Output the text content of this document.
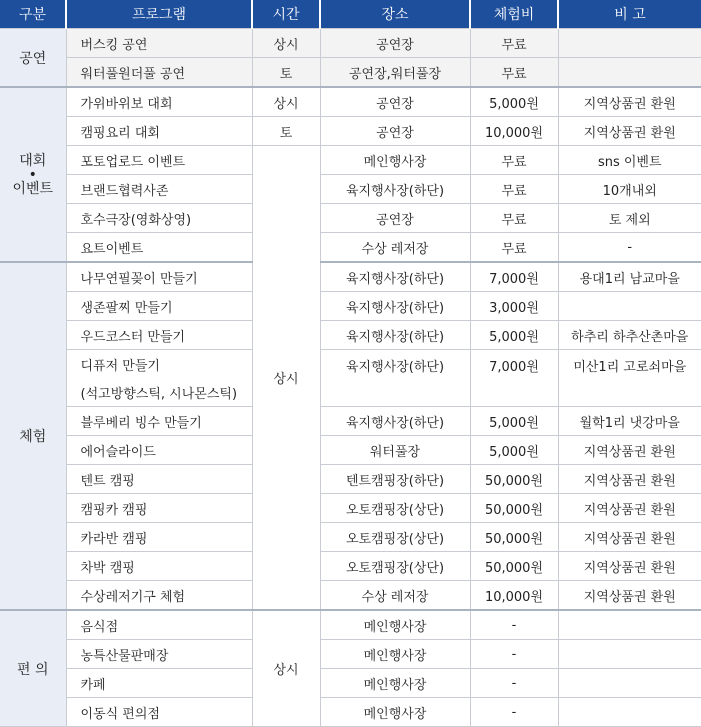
구분	프로그램	시간	장소	체험비	비 고
공연	버스킹 공연	상시	공연장	무료	
	워터풀원더풀 공연	토	공연장,워터풀장	무료	

대회
•
이벤트	가위바위보 대회	상시	공연장	5,000원	지역상품권 환원
	캠핑요리 대회	토	공연장	10,000원	지역상품권 환원
	포토업로드 이벤트	상시	메인행사장	무료	sns 이벤트
	브랜드협력사존		육지행사장(하단)	무료	10개내외
	호수극장(영화상영)		공연장	무료	토 제외
	요트이벤트		수상 레저장	무료	-
체험	나무연필꽂이 만들기		육지행사장(하단)	7,000원	용대1리 남교마을
	생존팔찌 만들기		육지행사장(하단)	3,000원	
	우드코스터 만들기		육지행사장(하단)	5,000원	하추리 하추산촌마을
	디퓨저 만들기		육지행사장(하단)	7,000원	미산1리 고로쇠마을
	(석고방향스틱, 시나몬스틱)				
	블루베리 빙수 만들기		육지행사장(하단)	5,000원	월학1리 냇강마을
	에어슬라이드		워터풀장	5,000원	지역상품권 환원
	텐트 캠핑		텐트캠핑장(하단)	50,000원	지역상품권 환원
	캠핑카 캠핑		오토캠핑장(상단)	50,000원	지역상품권 환원
	카라반 캠핑		오토캠핑장(상단)	50,000원	지역상품권 환원
	차박 캠핑		오토캠핑장(상단)	50,000원	지역상품권 환원
	수상레저기구 체험		수상 레저장	10,000원	지역상품권 환원
편 의	음식점	상시	메인행사장	-	
	농특산물판매장		메인행사장	-	
	카페		메인행사장	-	
	이동식 편의점		메인행사장	-	
